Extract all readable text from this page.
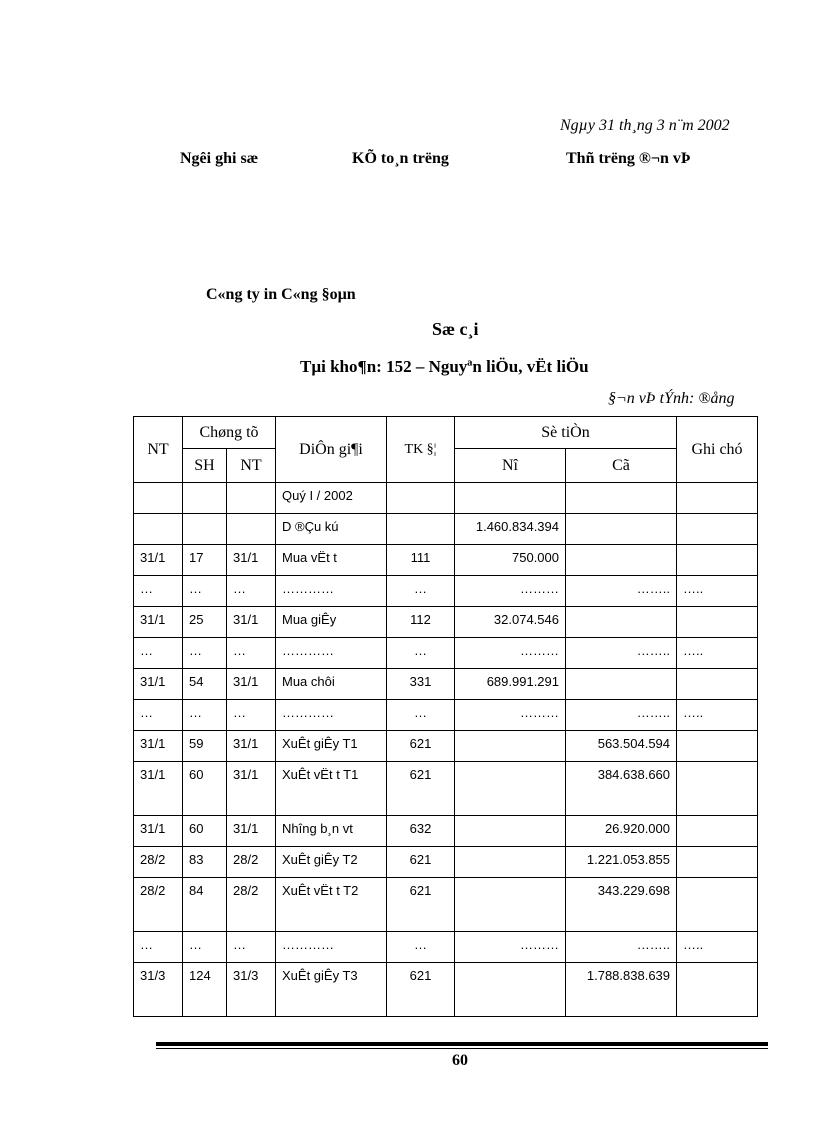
Ngµy 31 th¸ng 3 n¨m 2002
Ngêi ghi sæ	KÕ to¸n trëng	Thñ trëng ®¬n vÞ
C«ng ty in C«ng §oµn
Sæ c¸i
Tµi kho¶n: 152 – Nguyªn liÖu, vËt liÖu
§¬n vÞ tÝnh: ®ång
NT	Chøng tõ		DiÔn gi¶i	TK §¦	Sè tiÒn		Ghi chó
	SH	NT			Nî	Cã	
			Quý I / 2002				
			D ®Çu kú		1.460.834.394		
31/1	17	31/1	Mua vËt t	111	750.000		
…	…	…	…………	…	………	……..	…..
31/1	25	31/1	Mua giÊy	112	32.074.546		
…	…	…	…………	…	………	……..	…..
31/1	54	31/1	Mua chôi	331	689.991.291		
…	…	…	…………	…	………	……..	…..
31/1	59	31/1	XuÊt giÊy T1	621		563.504.594	
31/1	60	31/1	XuÊt vËt t T1	621		384.638.660	
31/1	60	31/1	Nhîng b¸n vt	632		26.920.000	
28/2	83	28/2	XuÊt giÊy T2	621		1.221.053.855	
28/2	84	28/2	XuÊt vËt t T2	621		343.229.698	
…	…	…	…………	…	………	……..	…..
31/3	124	31/3	XuÊt giÊy T3	621		1.788.838.639	
60
